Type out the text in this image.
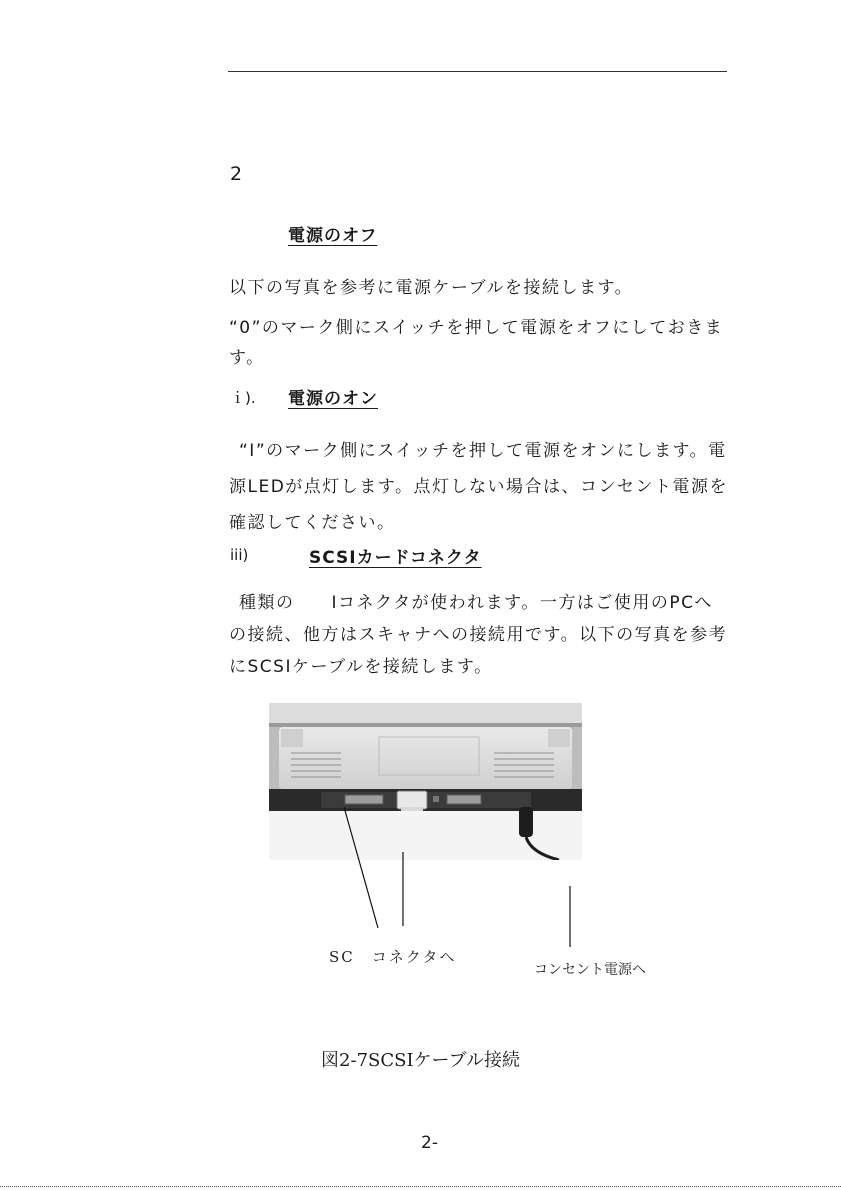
2
電源のオフ

以下の写真を参考に電源ケーブルを接続します。

“0”のマーク側にスイッチを押して電源をオフにしておきます。

ｉ). 電源のオン

“I”のマーク側にスイッチを押して電源をオンにします。電源LEDが点灯します。点灯しない場合は、コンセント電源を確認してください。

iii)	SCSIカードコネクタ

種類の　　Iコネクタが使われます。一方はご使用のPCへの接続、他方はスキャナへの接続用です。以下の写真を参考にSCSIケーブルを接続します。

SC　コネクタへ
コンセント電源へ
図2-7SCSIケーブル接続
2-
